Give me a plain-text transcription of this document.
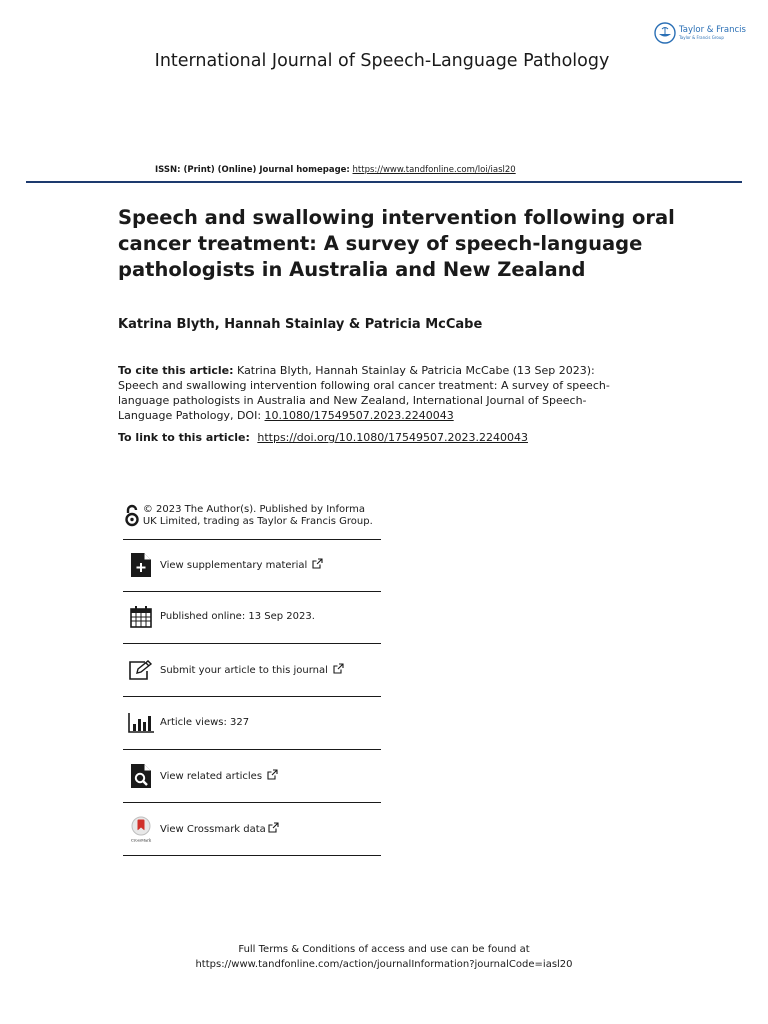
Taylor & Francis
Taylor & Francis Group
International Journal of Speech-Language Pathology
ISSN: (Print) (Online) Journal homepage: https://www.tandfonline.com/loi/iasl20
Speech and swallowing intervention following oral cancer treatment: A survey of speech-language pathologists in Australia and New Zealand
Katrina Blyth, Hannah Stainlay & Patricia McCabe
To cite this article: Katrina Blyth, Hannah Stainlay & Patricia McCabe (13 Sep 2023): Speech and swallowing intervention following oral cancer treatment: A survey of speech-language pathologists in Australia and New Zealand, International Journal of Speech-Language Pathology, DOI: 10.1080/17549507.2023.2240043
To link to this article: https://doi.org/10.1080/17549507.2023.2240043
© 2023 The Author(s). Published by Informa UK Limited, trading as Taylor & Francis Group.
View supplementary material
Published online: 13 Sep 2023.
Submit your article to this journal
Article views: 327
View related articles
CrossMark
View Crossmark data
Full Terms & Conditions of access and use can be found at
https://www.tandfonline.com/action/journalInformation?journalCode=iasl20
